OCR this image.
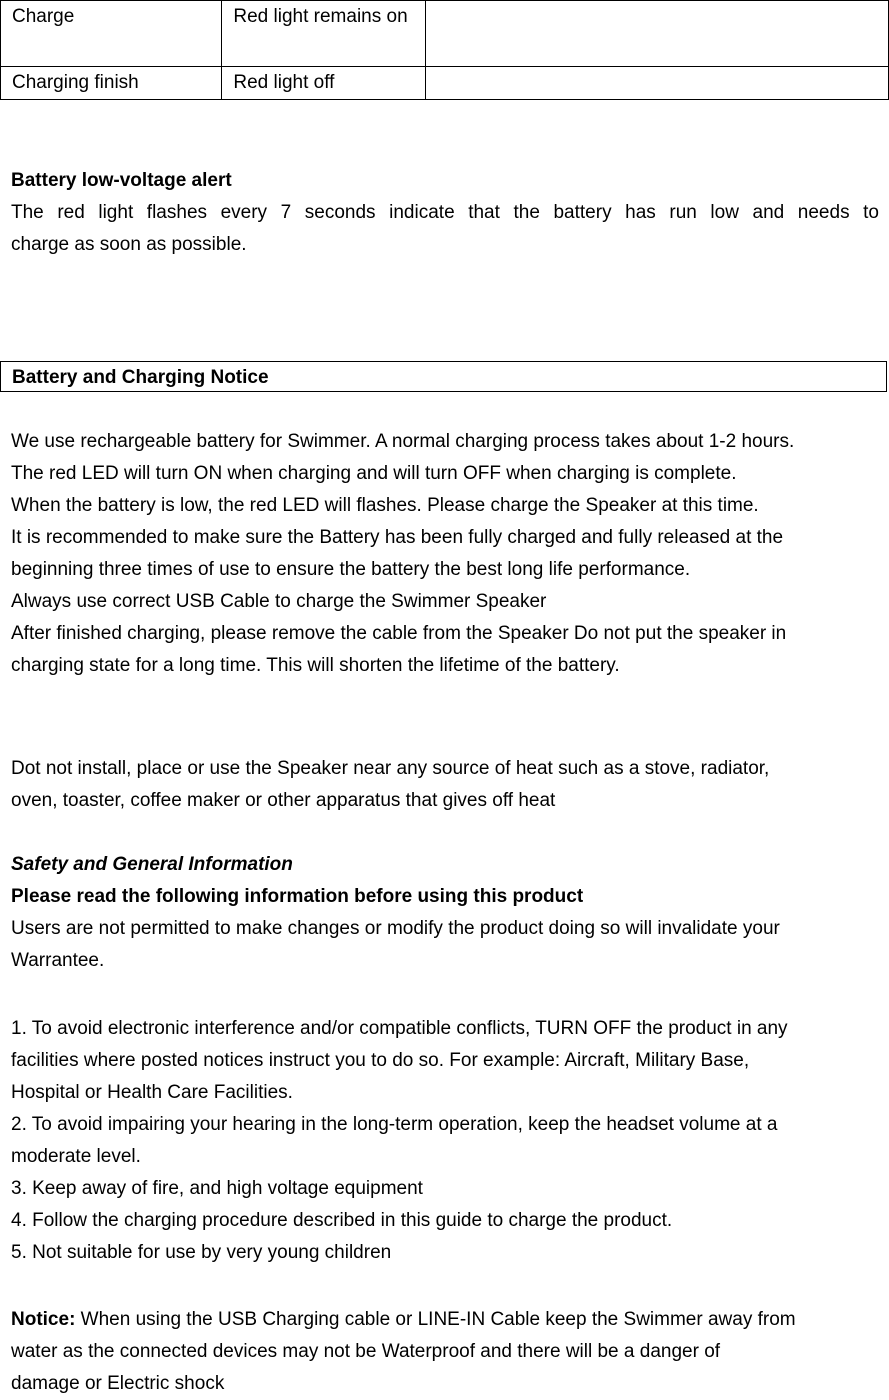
Charge	Red light remains on	
Charging finish	Red light off	
Battery low-voltage alert
The red light flashes every 7 seconds indicate that the battery has run low and needs to
charge as soon as possible.
Battery and Charging Notice
We use rechargeable battery for Swimmer. A normal charging process takes about 1-2 hours.
The red LED will turn ON when charging and will turn OFF when charging is complete.
When the battery is low, the red LED will flashes. Please charge the Speaker at this time.
It is recommended to make sure the Battery has been fully charged and fully released at the
beginning three times of use to ensure the battery the best long life performance.
Always use correct USB Cable to charge the Swimmer Speaker
After finished charging, please remove the cable from the Speaker Do not put the speaker in
charging state for a long time. This will shorten the lifetime of the battery.
Dot not install, place or use the Speaker near any source of heat such as a stove, radiator,
oven, toaster, coffee maker or other apparatus that gives off heat
Safety and General Information
Please read the following information before using this product
Users are not permitted to make changes or modify the product doing so will invalidate your
Warrantee.
1. To avoid electronic interference and/or compatible conflicts, TURN OFF the product in any
facilities where posted notices instruct you to do so. For example: Aircraft, Military Base,
Hospital or Health Care Facilities.
2. To avoid impairing your hearing in the long-term operation, keep the headset volume at a
moderate level.
3. Keep away of fire, and high voltage equipment
4. Follow the charging procedure described in this guide to charge the product.
5. Not suitable for use by very young children
Notice: When using the USB Charging cable or LINE-IN Cable keep the Swimmer away from
water as the connected devices may not be Waterproof and there will be a danger of
damage or Electric shock
